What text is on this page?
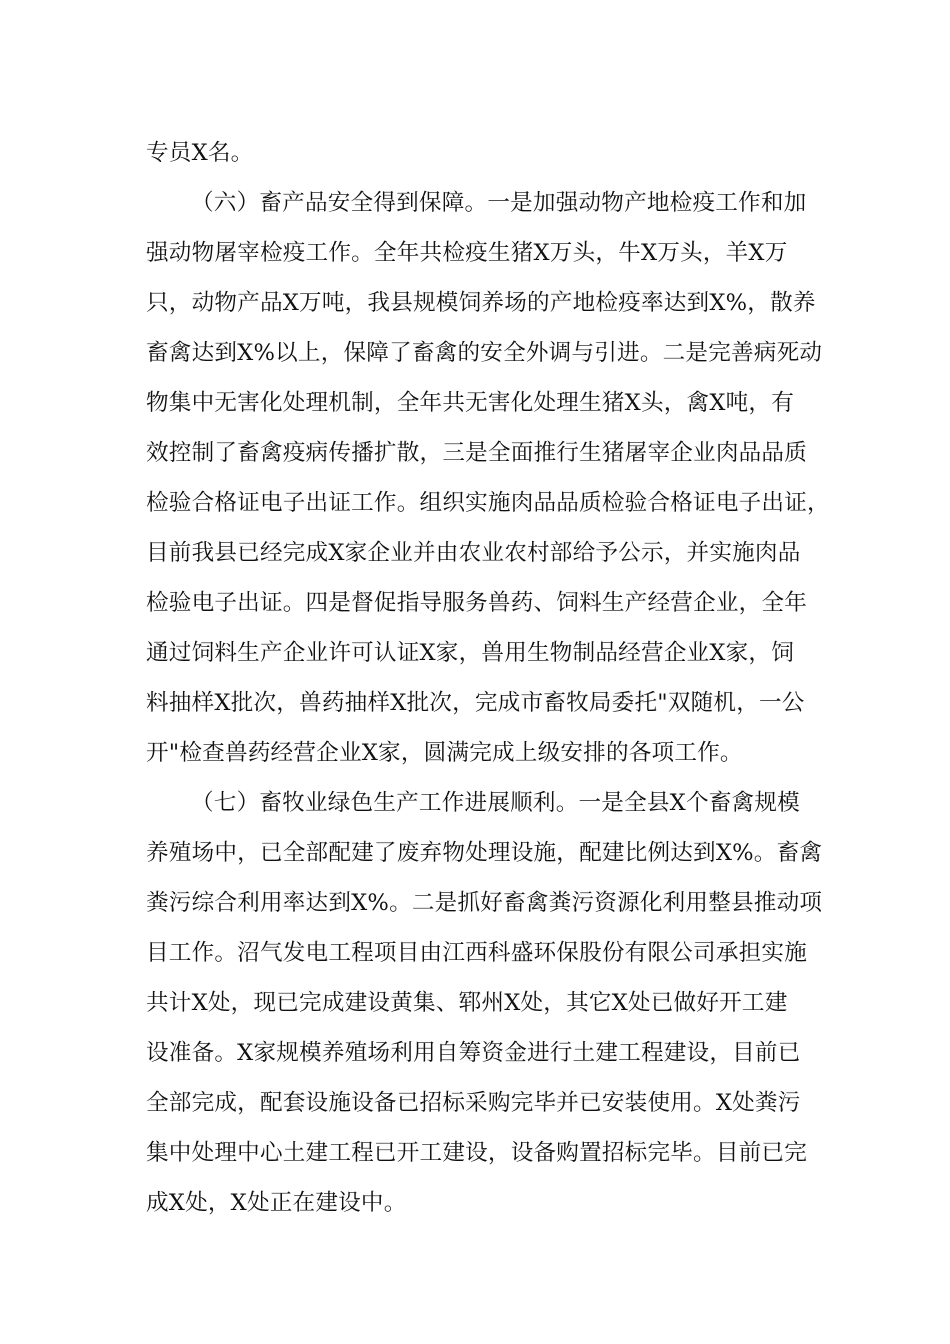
专员X名。
（六）畜产品安全得到保障。一是加强动物产地检疫工作和加
强动物屠宰检疫工作。全年共检疫生猪X万头，牛X万头，羊X万
只，动物产品X万吨，我县规模饲养场的产地检疫率达到X%，散养
畜禽达到X%以上，保障了畜禽的安全外调与引进。二是完善病死动
物集中无害化处理机制，全年共无害化处理生猪X头，禽X吨，有
效控制了畜禽疫病传播扩散，三是全面推行生猪屠宰企业肉品品质
检验合格证电子出证工作。组织实施肉品品质检验合格证电子出证，
目前我县已经完成X家企业并由农业农村部给予公示，并实施肉品
检验电子出证。四是督促指导服务兽药、饲料生产经营企业，全年
通过饲料生产企业许可认证X家，兽用生物制品经营企业X家，饲
料抽样X批次，兽药抽样X批次，完成市畜牧局委托"双随机，一公
开"检查兽药经营企业X家，圆满完成上级安排的各项工作。
（七）畜牧业绿色生产工作进展顺利。一是全县X个畜禽规模
养殖场中，已全部配建了废弃物处理设施，配建比例达到X%。畜禽
粪污综合利用率达到X%。二是抓好畜禽粪污资源化利用整县推动项
目工作。沼气发电工程项目由江西科盛环保股份有限公司承担实施
共计X处，现已完成建设黄集、郓州X处，其它X处已做好开工建
设准备。X家规模养殖场利用自筹资金进行土建工程建设，目前已
全部完成，配套设施设备已招标采购完毕并已安装使用。X处粪污
集中处理中心土建工程已开工建设，设备购置招标完毕。目前已完
成X处，X处正在建设中。
